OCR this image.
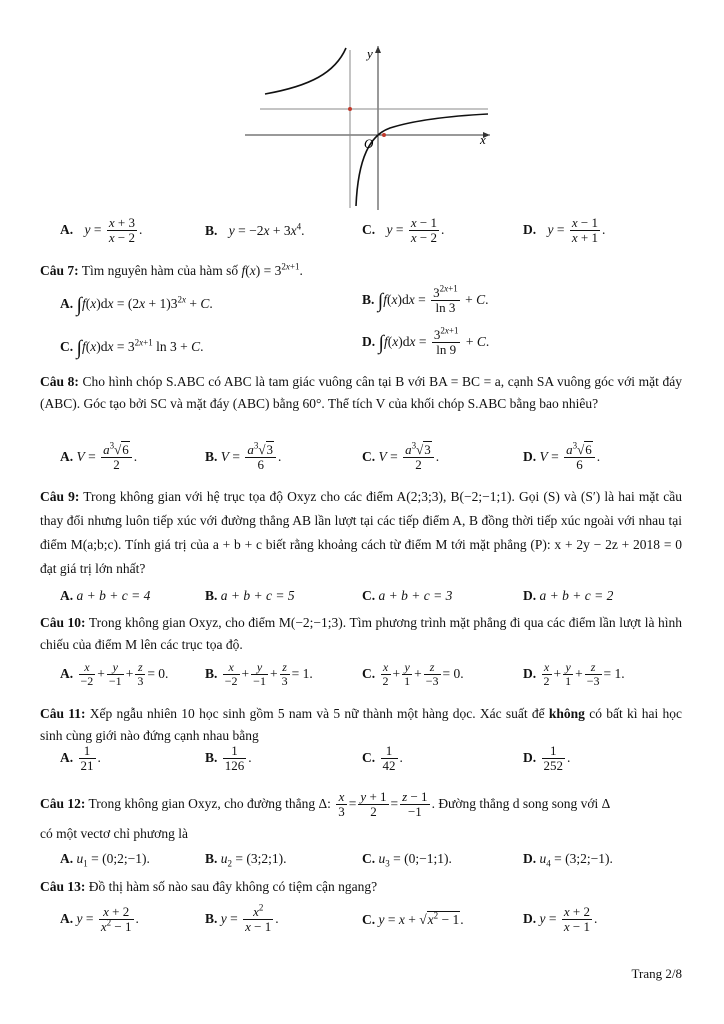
y
x
O
A. $y = \frac{x + 3}{x - 2}$ .	B. $y = -2x + 3x^4$.	C. $y = \frac{x - 1}{x - 2}$ .	D. $y = \frac{x - 1}{x + 1}$ .
Câu 7: Tìm nguyên hàm của hàm số $f(x) = 3^{2x+1}$.
A. $\int f(x)dx = (2x + 1)3^{2x} + C$.	B. $\int f(x)dx = \frac{3^{2x+1}}{\ln 3} + C$.
C. $\int f(x)dx = 3^{2x+1}$ ln 3 + C.	D. $\int f(x)dx = \frac{3^{2x+1}}{\ln 9} + C$.
Câu 8: Cho hình chóp S.ABC có ABC là tam giác vuông cân tại B với BA = BC = a, cạnh SA vuông góc với mặt đáy (ABC). Góc tạo bởi SC và mặt đáy (ABC) bằng 60°. Thể tích V của khối chóp S.ABC bằng bao nhiêu?
A. $V = \frac{a^3√6}{2}$ .	B. $V = \frac{a^3√3}{6}$ .	C. $V = \frac{a^3√3}{2}$ .	D. $V = \frac{a^3√6}{6}$ .
Câu 9: Trong không gian với hệ trục tọa độ Oxyz cho các điểm A(2;3;3), B(−2;−1;1). Gọi (S) và (S′) là hai mặt cầu thay đổi nhưng luôn tiếp xúc với đường thẳng AB lần lượt tại các tiếp điểm A, B đồng thời tiếp xúc ngoài với nhau tại điểm M(a;b;c). Tính giá trị của a + b + c biết rằng khoảng cách từ điểm M tới mặt phẳng (P): x + 2y − 2z + 2018 = 0 đạt giá trị lớn nhất?
A. a + b + c = 4	B. a + b + c = 5	C. a + b + c = 3	D. a + b + c = 2
Câu 10: Trong không gian Oxyz, cho điểm M(−2;−1;3). Tìm phương trình mặt phẳng đi qua các điểm lần lượt là hình chiếu của điểm M lên các trục tọa độ.
A. $\frac{x}{-2} + \frac{y}{-1} + \frac{z}{3} = 0$.	B. $\frac{x}{-2} + \frac{y}{-1} + \frac{z}{3} = 1$.	C. $\frac{x}{2} + \frac{y}{1} + \frac{z}{-3} = 0$.	D. $\frac{x}{2} + \frac{y}{1} + \frac{z}{-3} = 1$.
Câu 11: Xếp ngẫu nhiên 10 học sinh gồm 5 nam và 5 nữ thành một hàng dọc. Xác suất để không có bất kì hai học sinh cùng giới nào đứng cạnh nhau bằng
A. $\frac{1}{21}$ .	B. $\frac{1}{126}$ .	C. $\frac{1}{42}$ .	D. $\frac{1}{252}$ .
Câu 12: Trong không gian Oxyz, cho đường thẳng Δ: $\frac{x}{3} = \frac{y + 1}{2} = \frac{z - 1}{-1}$ . Đường thẳng d song song với Δ
có một vectơ chỉ phương là
A. $u_1$ = (0;2;−1).	B. $u_2$ = (3;2;1).	C. $u_3$ = (0;−1;1).	D. $u_4$ = (3;2;−1).
Câu 13: Đồ thị hàm số nào sau đây không có tiệm cận ngang?
A. $y = \frac{x + 2}{x^2 - 1}$ .	B. $y = \frac{x^2}{x - 1}$ .	C. $y = x + √x^2 - 1$.	D. $y = \frac{x + 2}{x - 1}$ .
Trang 2/8
